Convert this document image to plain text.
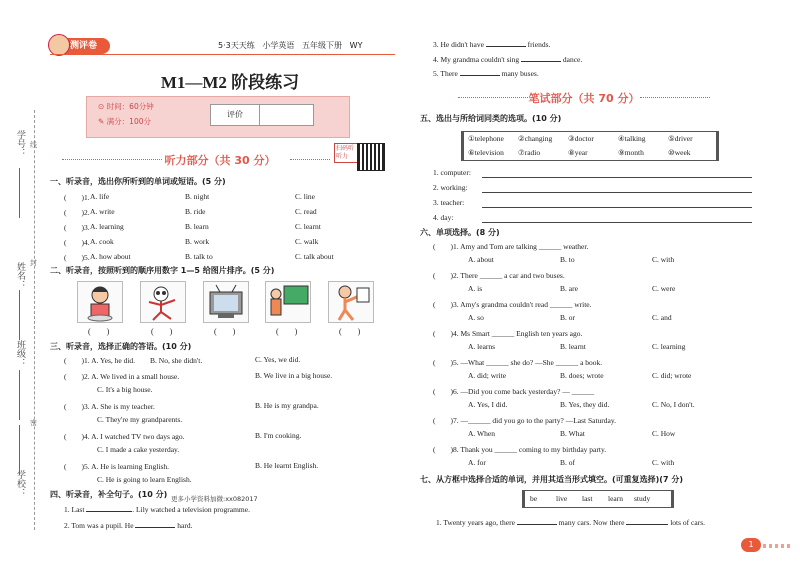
学号：
姓名：
班级：
学校：
线
封
密
测评卷	5·3天天练 小学英语 五年级下册 WY
M1—M2 阶段练习
⊙ 时间：60分钟
✎ 满分：100分
评价
扫码听听力
听力部分（共 30 分）
一、听录音，选出你所听到的单词或短语。(5 分)
(　　)1. A. life	B. night	C. line
(　　)2. A. write	B. ride	C. read
(　　)3. A. learning	B. learn	C. learnt
(　　)4. A. cook	B. work	C. walk
(　　)5. A. how about	B. talk to	C. talk about
二、听录音，按照听到的顺序用数字 1—5 给图片排序。(5 分)
(　　)	(　　)	(　　)	(　　)	(　　)
三、听录音，选择正确的答语。(10 分)
(　　)1. A. Yes, he did.　　B. No, she didn't.	C. Yes, we did.
(　　)2. A. We lived in a small house.	B. We live in a big house.
C. It's a big house.
(　　)3. A. She is my teacher.	B. He is my grandpa.
C. They're my grandparents.
(　　)4. A. I watched TV two days ago.	B. I'm cooking.
C. I made a cake yesterday.
(　　)5. A. He is learning English.	B. He learnt English.
C. He is going to learn English.
四、听录音，补全句子。(10 分) 更多小学资料加微:xx082017
1. Last	. Lily watched a television programme.
2. Tom was a pupil. He	hard.
3. He didn't have	friends.
4. My grandma couldn't sing	dance.
5. There	many buses.
笔试部分（共 70 分）
五、选出与所给词同类的选项。(10 分)
①telephone ②changing ③doctor	④talking	⑤driver
⑥television ⑦radio	⑧year	⑨month	⑩week
1. computer:
2. working:
3. teacher:
4. day:
六、单项选择。(8 分)
(　　)1. Amy and Tom are talking ______ weather.
A. about	B. to	C. with
(　　)2. There ______ a car and two buses.
A. is	B. are	C. were
(　　)3. Amy's grandma couldn't read ______ write.
A. so	B. or	C. and
(　　)4. Ms Smart ______ English ten years ago.
A. learns	B. learnt	C. learning
(　　)5. —What ______ she do? —She ______ a book.
A. did; write	B. does; wrote	C. did; wrote
(　　)6. —Did you come back yesterday? — ______
A. Yes, I did.	B. Yes, they did.	C. No, I don't.
(　　)7. —______ did you go to the party? —Last Saturday.
A. When	B. What	C. How
(　　)8. Thank you ______ coming to my birthday party.
A. for	B. of	C. with
七、从方框中选择合适的单词，并用其适当形式填空。(可重复选择)(7 分)
be	live last learn study
1. Twenty years ago, there	many cars. Now there	lots of cars.
1
